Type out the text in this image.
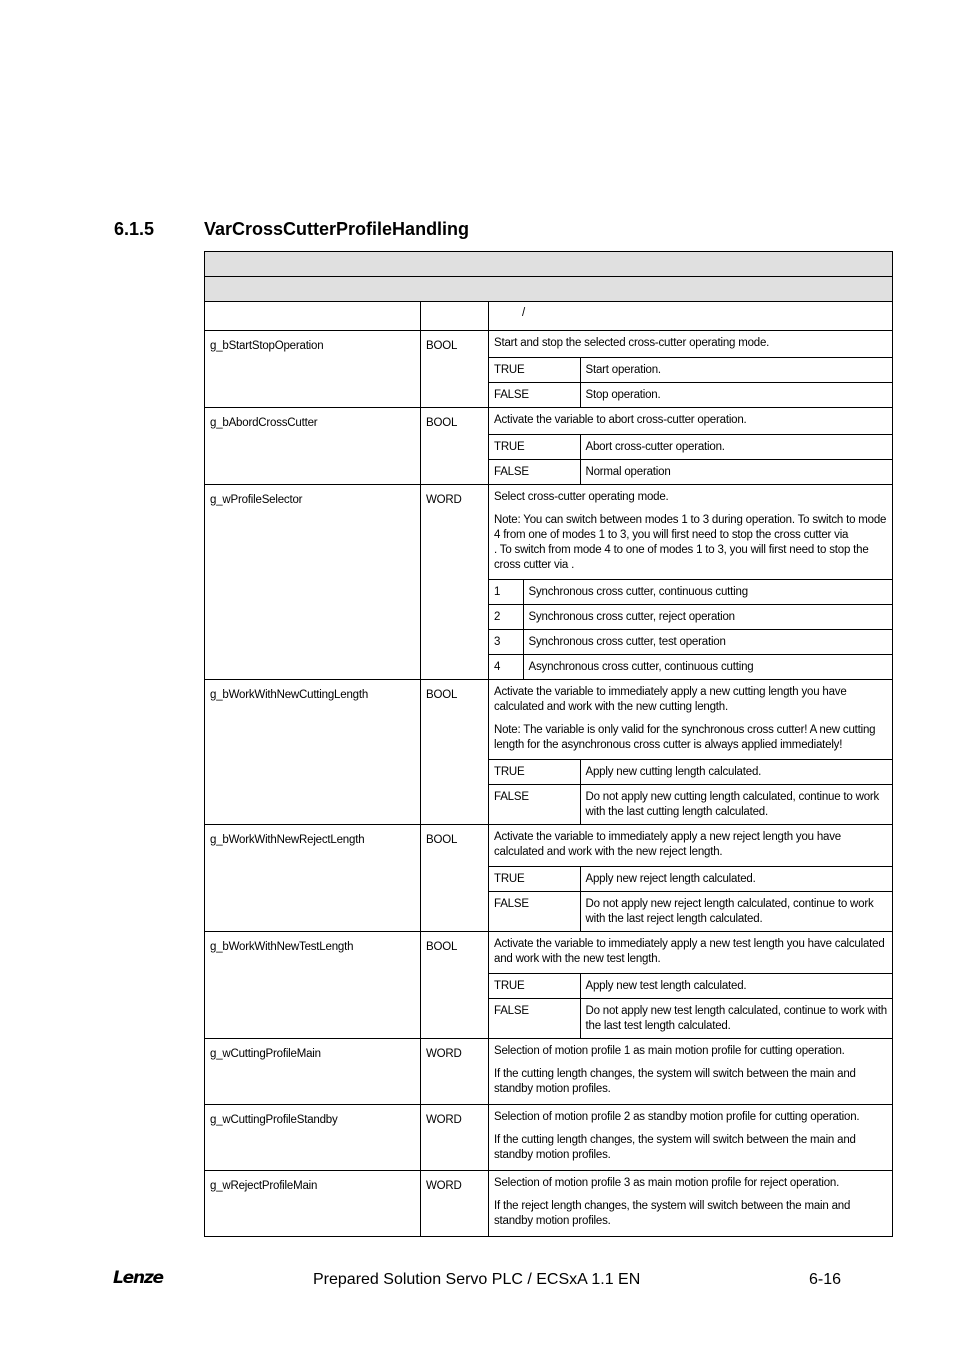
6.1.5	VarCrossCutterProfileHandling

		/
g_bStartStopOperation	BOOL	Start and stop the selected cross-cutter operating mode.

TRUE	Start operation.
FALSE	Stop operation.

g_bAbordCrossCutter	BOOL	Activate the variable to abort cross-cutter operation.

TRUE	Abort cross-cutter operation.
FALSE	Normal operation

g_wProfileSelector	WORD	Select cross-cutter operating mode.

Note: You can switch between modes 1 to 3 during operation. To switch to mode 4 from one of modes 1 to 3, you will first need to stop the cross cutter via
. To switch from mode 4 to one of modes 1 to 3, you will first need to stop the cross cutter via .

1	Synchronous cross cutter, continuous cutting
2	Synchronous cross cutter, reject operation
3	Synchronous cross cutter, test operation
4	Asynchronous cross cutter, continuous cutting

g_bWorkWithNewCuttingLength	BOOL	Activate the variable to immediately apply a new cutting length you have calculated and work with the new cutting length.

Note: The variable is only valid for the synchronous cross cutter! A new cutting length for the asynchronous cross cutter is always applied immediately!

TRUE	Apply new cutting length calculated.
FALSE	Do not apply new cutting length calculated, continue to work with the last cutting length calculated.

g_bWorkWithNewRejectLength	BOOL	Activate the variable to immediately apply a new reject length you have calculated and work with the new reject length.

TRUE	Apply new reject length calculated.
FALSE	Do not apply new reject length calculated, continue to work with the last reject length calculated.

g_bWorkWithNewTestLength	BOOL	Activate the variable to immediately apply a new test length you have calculated and work with the new test length.

TRUE	Apply new test length calculated.
FALSE	Do not apply new test length calculated, continue to work with the last test length calculated.

g_wCuttingProfileMain	WORD	Selection of motion profile 1 as main motion profile for cutting operation.

If the cutting length changes, the system will switch between the main and standby motion profiles.

g_wCuttingProfileStandby	WORD	Selection of motion profile 2 as standby motion profile for cutting operation.

If the cutting length changes, the system will switch between the main and standby motion profiles.

g_wRejectProfileMain	WORD	Selection of motion profile 3 as main motion profile for reject operation.

If the reject length changes, the system will switch between the main and standby motion profiles.

Lenze	Prepared Solution Servo PLC / ECSxA 1.1 EN	6-16
